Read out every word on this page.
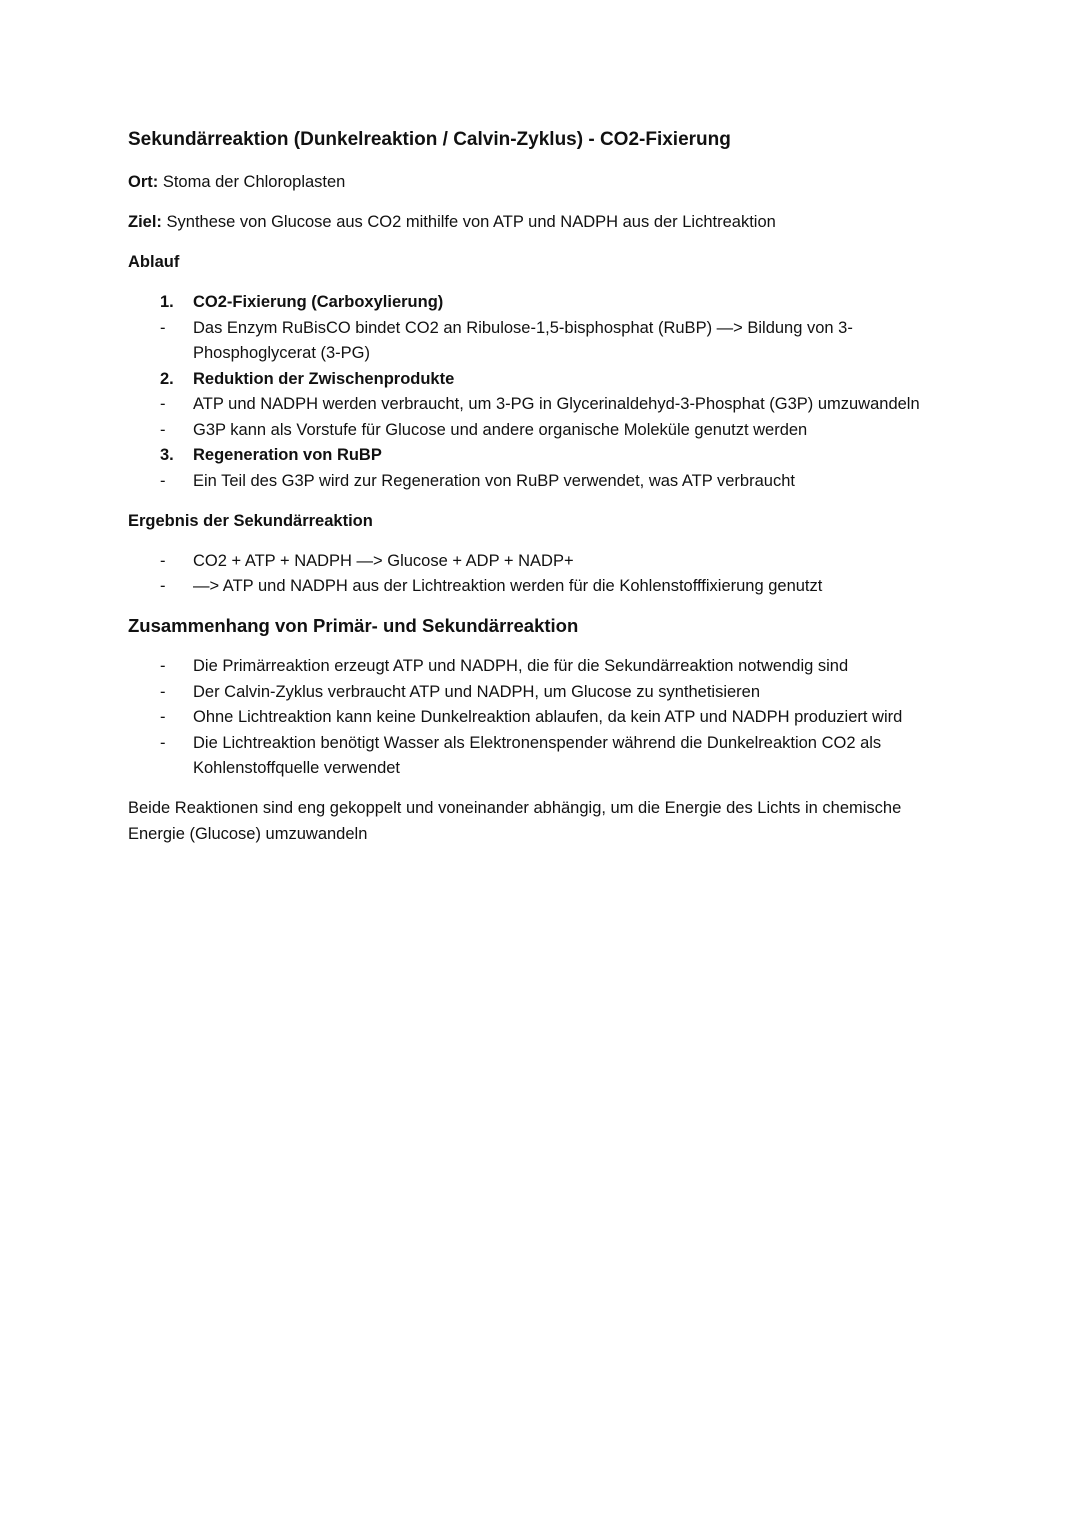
Sekundärreaktion (Dunkelreaktion / Calvin-Zyklus) - CO2-Fixierung

Ort: Stoma der Chloroplasten

Ziel: Synthese von Glucose aus CO2 mithilfe von ATP und NADPH aus der Lichtreaktion

Ablauf

1.	CO2-Fixierung (Carboxylierung)
-	Das Enzym RuBisCO bindet CO2 an Ribulose-1,5-bisphosphat (RuBP) —> Bildung von 3-Phosphoglycerat (3-PG)
2.	Reduktion der Zwischenprodukte
-	ATP und NADPH werden verbraucht, um 3-PG in Glycerinaldehyd-3-Phosphat (G3P) umzuwandeln
-	G3P kann als Vorstufe für Glucose und andere organische Moleküle genutzt werden
3.	Regeneration von RuBP
-	Ein Teil des G3P wird zur Regeneration von RuBP verwendet, was ATP verbraucht

Ergebnis der Sekundärreaktion

-	CO2 + ATP + NADPH —> Glucose + ADP + NADP+
-	—> ATP und NADPH aus der Lichtreaktion werden für die Kohlenstofffixierung genutzt
Zusammenhang von Primär- und Sekundärreaktion
-	Die Primärreaktion erzeugt ATP und NADPH, die für die Sekundärreaktion notwendig sind
-	Der Calvin-Zyklus verbraucht ATP und NADPH, um Glucose zu synthetisieren
-	Ohne Lichtreaktion kann keine Dunkelreaktion ablaufen, da kein ATP und NADPH produziert wird
-	Die Lichtreaktion benötigt Wasser als Elektronenspender während die Dunkelreaktion CO2 als Kohlenstoffquelle verwendet

Beide Reaktionen sind eng gekoppelt und voneinander abhängig, um die Energie des Lichts in chemische Energie (Glucose) umzuwandeln
